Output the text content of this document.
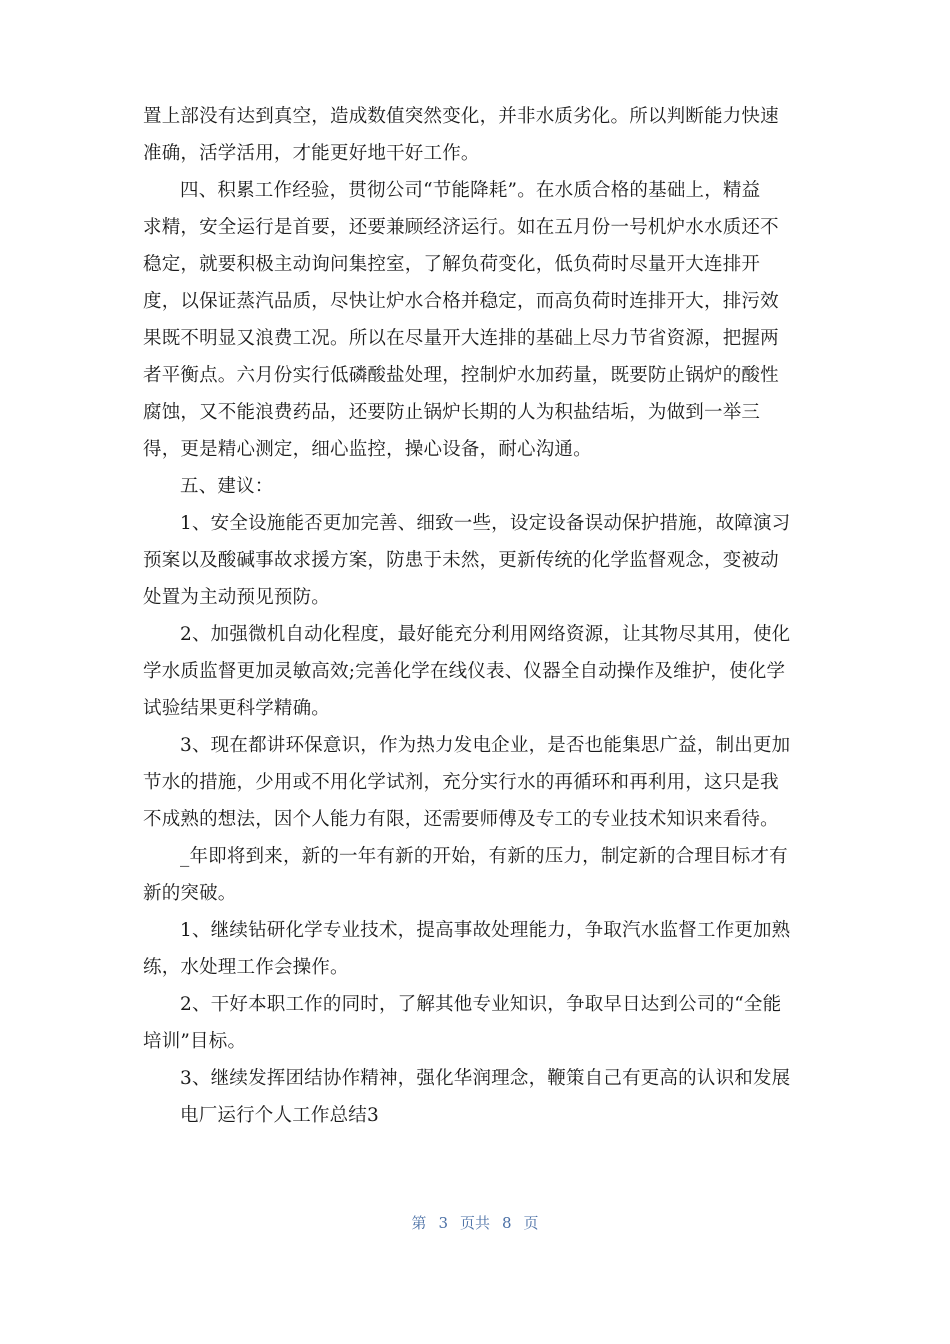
置上部没有达到真空，造成数值突然变化，并非水质劣化。所以判断能力快速
准确，活学活用，才能更好地干好工作。
四、积累工作经验，贯彻公司“节能降耗”。在水质合格的基础上，精益
求精，安全运行是首要，还要兼顾经济运行。如在五月份一号机炉水水质还不
稳定，就要积极主动询问集控室，了解负荷变化，低负荷时尽量开大连排开
度，以保证蒸汽品质，尽快让炉水合格并稳定，而高负荷时连排开大，排污效
果既不明显又浪费工况。所以在尽量开大连排的基础上尽力节省资源，把握两
者平衡点。六月份实行低磷酸盐处理，控制炉水加药量，既要防止锅炉的酸性
腐蚀，又不能浪费药品，还要防止锅炉长期的人为积盐结垢，为做到一举三
得，更是精心测定，细心监控，操心设备，耐心沟通。
五、建议：
1、安全设施能否更加完善、细致一些，设定设备误动保护措施，故障演习
预案以及酸碱事故求援方案，防患于未然，更新传统的化学监督观念，变被动
处置为主动预见预防。
2、加强微机自动化程度，最好能充分利用网络资源，让其物尽其用，使化
学水质监督更加灵敏高效;完善化学在线仪表、仪器全自动操作及维护，使化学
试验结果更科学精确。
3、现在都讲环保意识，作为热力发电企业，是否也能集思广益，制出更加
节水的措施，少用或不用化学试剂，充分实行水的再循环和再利用，这只是我
不成熟的想法，因个人能力有限，还需要师傅及专工的专业技术知识来看待。
_年即将到来，新的一年有新的开始，有新的压力，制定新的合理目标才有
新的突破。
1、继续钻研化学专业技术，提高事故处理能力，争取汽水监督工作更加熟
练，水处理工作会操作。
2、干好本职工作的同时，了解其他专业知识，争取早日达到公司的“全能
培训”目标。
3、继续发挥团结协作精神，强化华润理念，鞭策自己有更高的认识和发展
电厂运行个人工作总结3
第 3 页共 8 页
